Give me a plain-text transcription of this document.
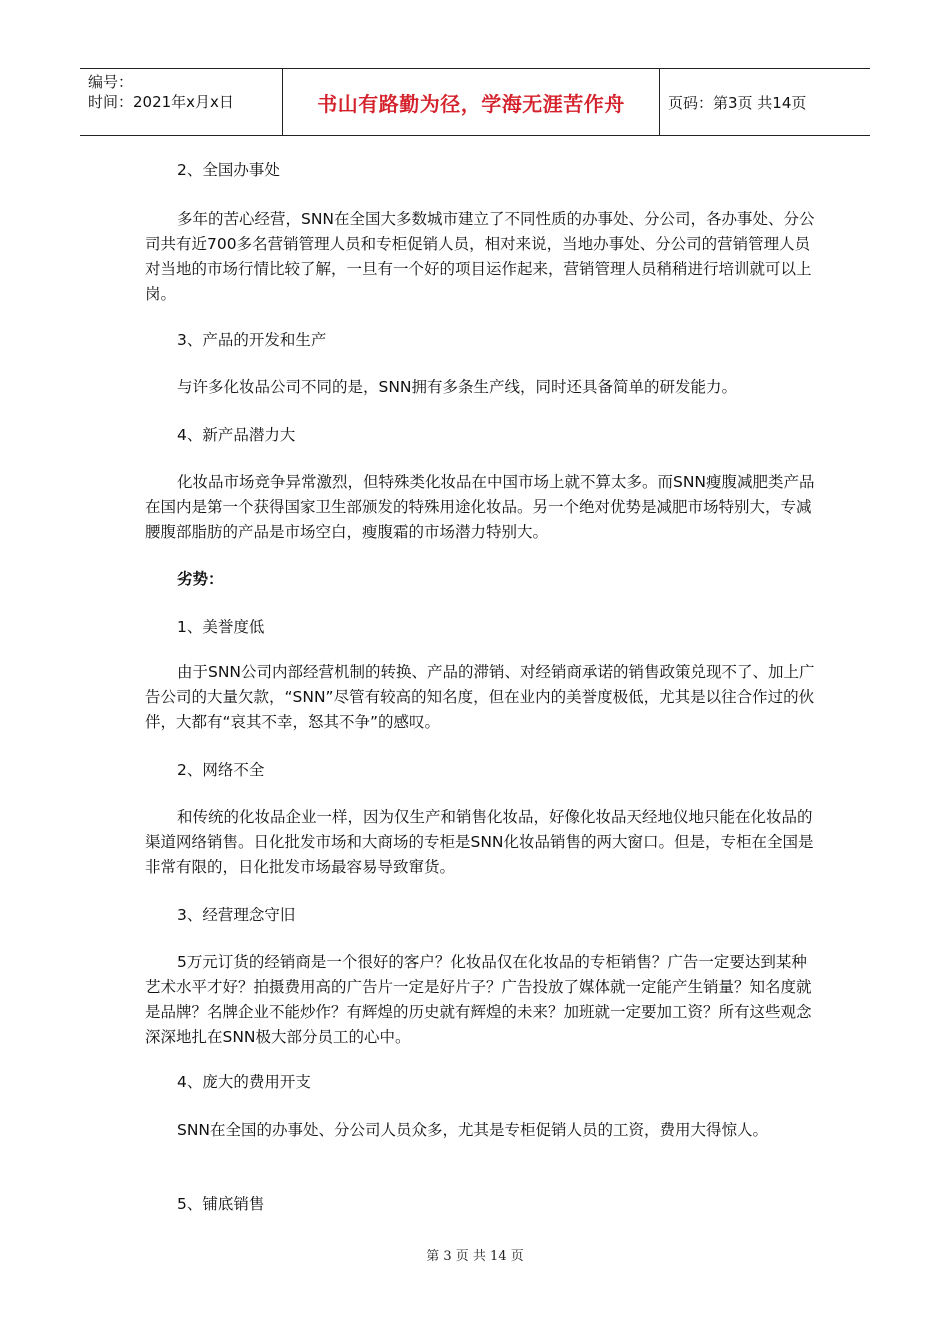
编号：
时间：2021年x月x日	书山有路勤为径，学海无涯苦作舟	页码：第3页 共14页

2、全国办事处

多年的苦心经营，SNN在全国大多数城市建立了不同性质的办事处、分公司，各办事处、分公司共有近700多名营销管理人员和专柜促销人员，相对来说，当地办事处、分公司的营销管理人员对当地的市场行情比较了解，一旦有一个好的项目运作起来，营销管理人员稍稍进行培训就可以上岗。

3、产品的开发和生产

与许多化妆品公司不同的是，SNN拥有多条生产线，同时还具备简单的研发能力。

4、新产品潜力大

化妆品市场竞争异常激烈，但特殊类化妆品在中国市场上就不算太多。而SNN瘦腹减肥类产品在国内是第一个获得国家卫生部颁发的特殊用途化妆品。另一个绝对优势是减肥市场特别大，专减腰腹部脂肪的产品是市场空白，瘦腹霜的市场潜力特别大。

劣势：

1、美誉度低

由于SNN公司内部经营机制的转换、产品的滞销、对经销商承诺的销售政策兑现不了、加上广告公司的大量欠款，“SNN”尽管有较高的知名度，但在业内的美誉度极低，尤其是以往合作过的伙伴，大都有“哀其不幸，怒其不争”的感叹。

2、网络不全

和传统的化妆品企业一样，因为仅生产和销售化妆品，好像化妆品天经地仪地只能在化妆品的渠道网络销售。日化批发市场和大商场的专柜是SNN化妆品销售的两大窗口。但是，专柜在全国是非常有限的，日化批发市场最容易导致窜货。

3、经营理念守旧

5万元订货的经销商是一个很好的客户？化妆品仅在化妆品的专柜销售？广告一定要达到某种艺术水平才好？拍摄费用高的广告片一定是好片子？广告投放了媒体就一定能产生销量？知名度就是品牌？名牌企业不能炒作？有辉煌的历史就有辉煌的未来？加班就一定要加工资？所有这些观念深深地扎在SNN极大部分员工的心中。

4、庞大的费用开支

SNN在全国的办事处、分公司人员众多，尤其是专柜促销人员的工资，费用大得惊人。

5、铺底销售

第 3 页 共 14 页
